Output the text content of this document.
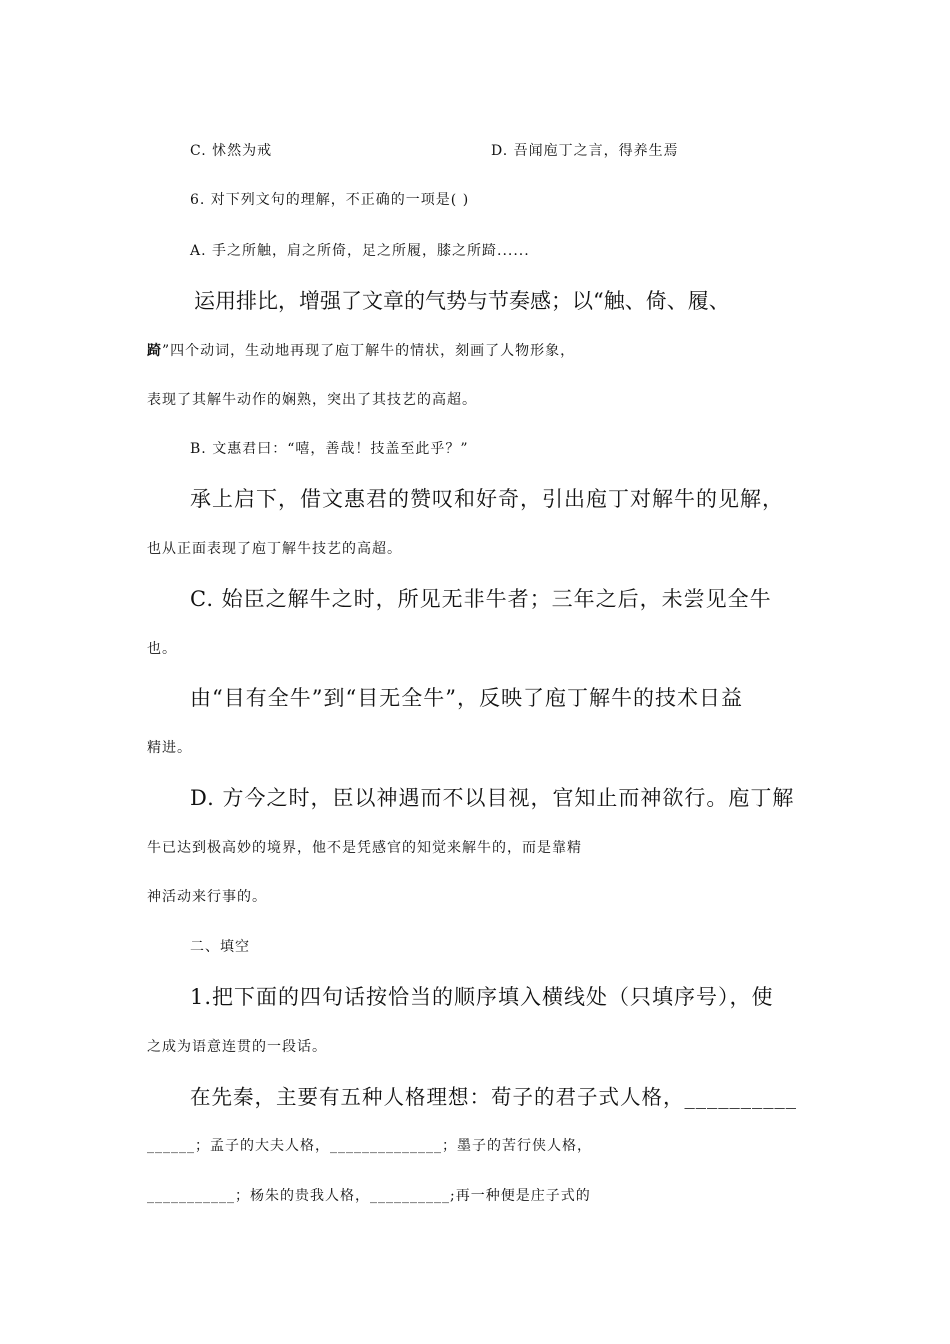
C. 怵然为戒	D. 吾闻庖丁之言，得养生焉
6. 对下列文句的理解，不正确的一项是( )
A. 手之所触，肩之所倚，足之所履，膝之所踦......
运用排比，增强了文章的气势与节奏感；以“触、倚、履、
踦”四个动词，生动地再现了庖丁解牛的情状，刻画了人物形象，
表现了其解牛动作的娴熟，突出了其技艺的高超。
B. 文惠君曰：“嘻，善哉！技盖至此乎？”
承上启下，借文惠君的赞叹和好奇，引出庖丁对解牛的见解，
也从正面表现了庖丁解牛技艺的高超。
C. 始臣之解牛之时，所见无非牛者；三年之后，未尝见全牛
也。
由“目有全牛”到“目无全牛”，反映了庖丁解牛的技术日益
精进。
D. 方今之时，臣以神遇而不以目视，官知止而神欲行。庖丁解
牛已达到极高妙的境界，他不是凭感官的知觉来解牛的，而是靠精
神活动来行事的。
二、填空
1.把下面的四句话按恰当的顺序填入横线处（只填序号），使
之成为语意连贯的一段话。
在先秦，主要有五种人格理想：荀子的君子式人格，__________
______；孟子的大夫人格，______________；墨子的苦行侠人格，
___________；杨朱的贵我人格，__________;再一种便是庄子式的
